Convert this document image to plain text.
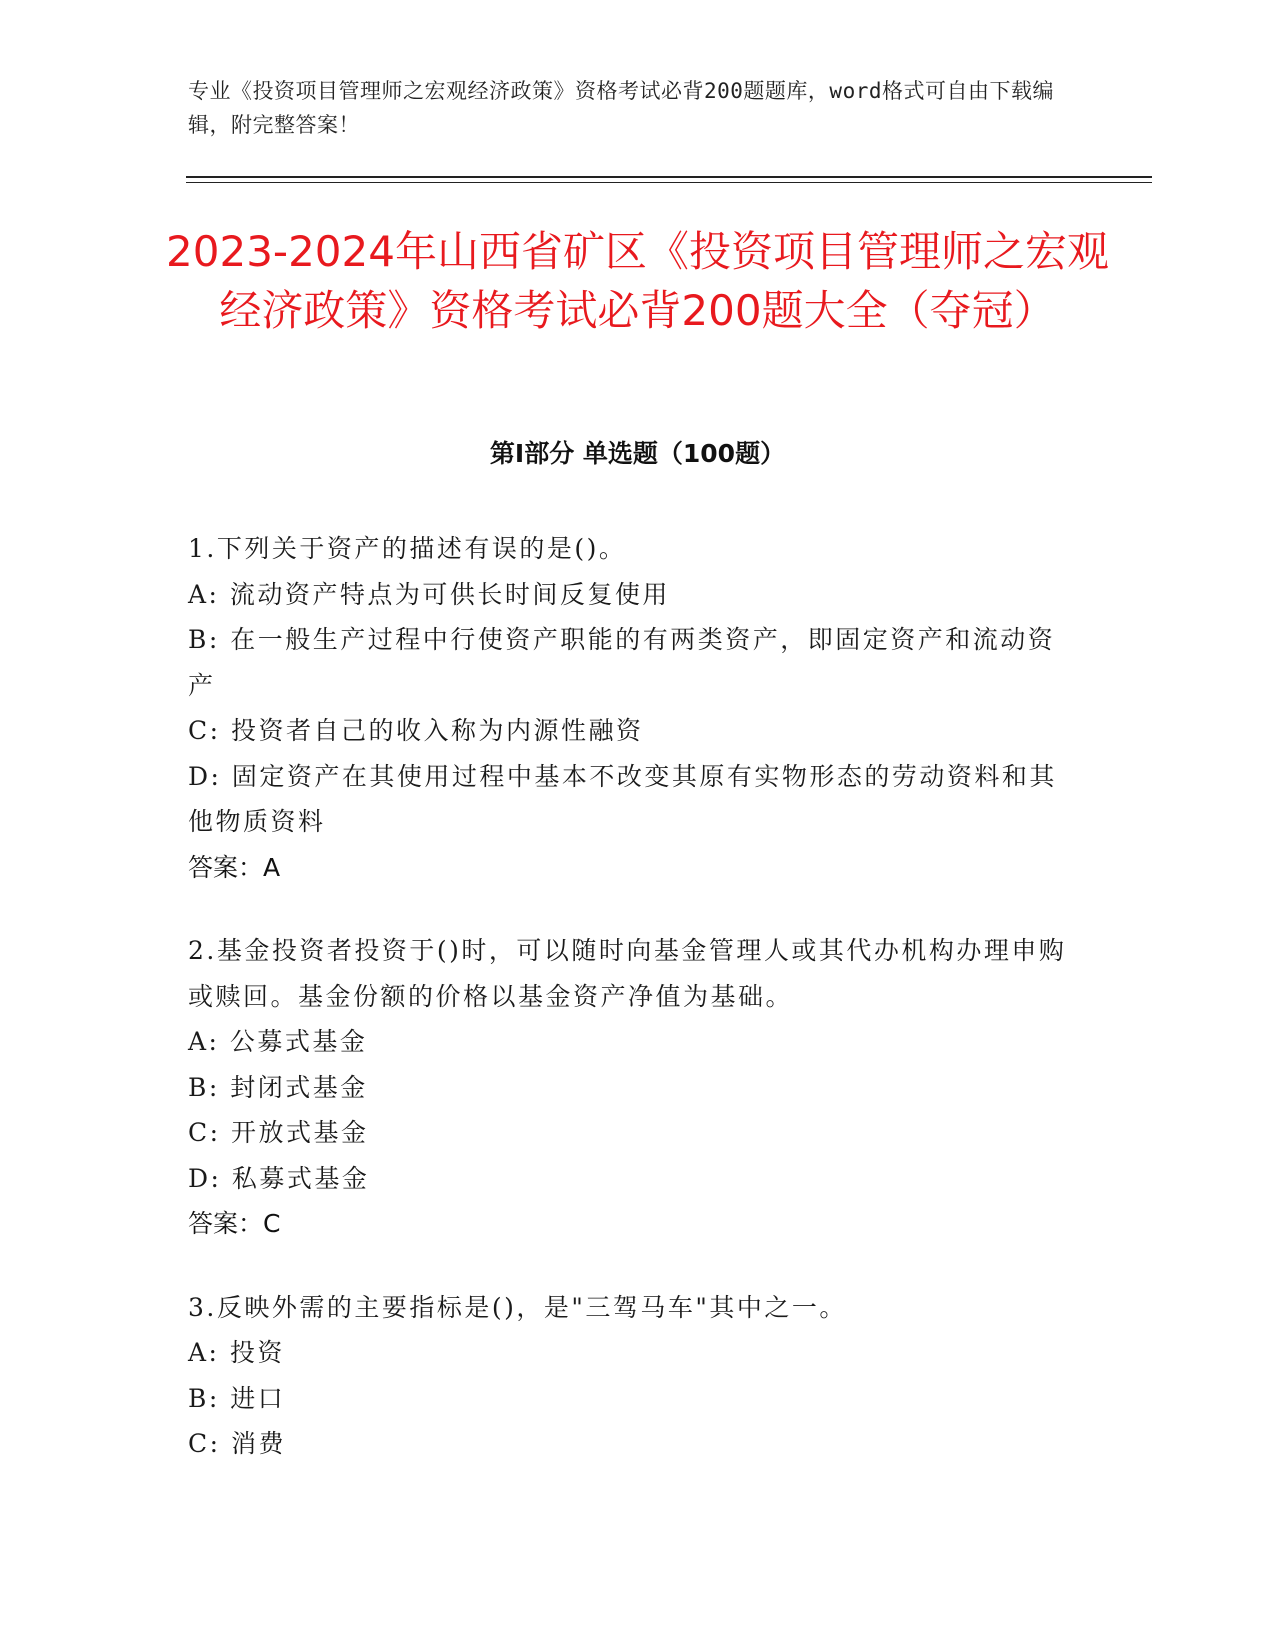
专业《投资项目管理师之宏观经济政策》资格考试必背200题题库，word格式可自由下载编辑，附完整答案！
2023-2024年山西省矿区《投资项目管理师之宏观经济政策》资格考试必背200题大全（夺冠）
第I部分 单选题（100题）
1.下列关于资产的描述有误的是()。
A: 流动资产特点为可供长时间反复使用
B: 在一般生产过程中行使资产职能的有两类资产，即固定资产和流动资产
C: 投资者自己的收入称为内源性融资
D: 固定资产在其使用过程中基本不改变其原有实物形态的劳动资料和其他物质资料
答案：A
2.基金投资者投资于()时，可以随时向基金管理人或其代办机构办理申购或赎回。基金份额的价格以基金资产净值为基础。
A: 公募式基金
B: 封闭式基金
C: 开放式基金
D: 私募式基金
答案：C
3.反映外需的主要指标是()，是"三驾马车"其中之一。
A: 投资
B: 进口
C: 消费
